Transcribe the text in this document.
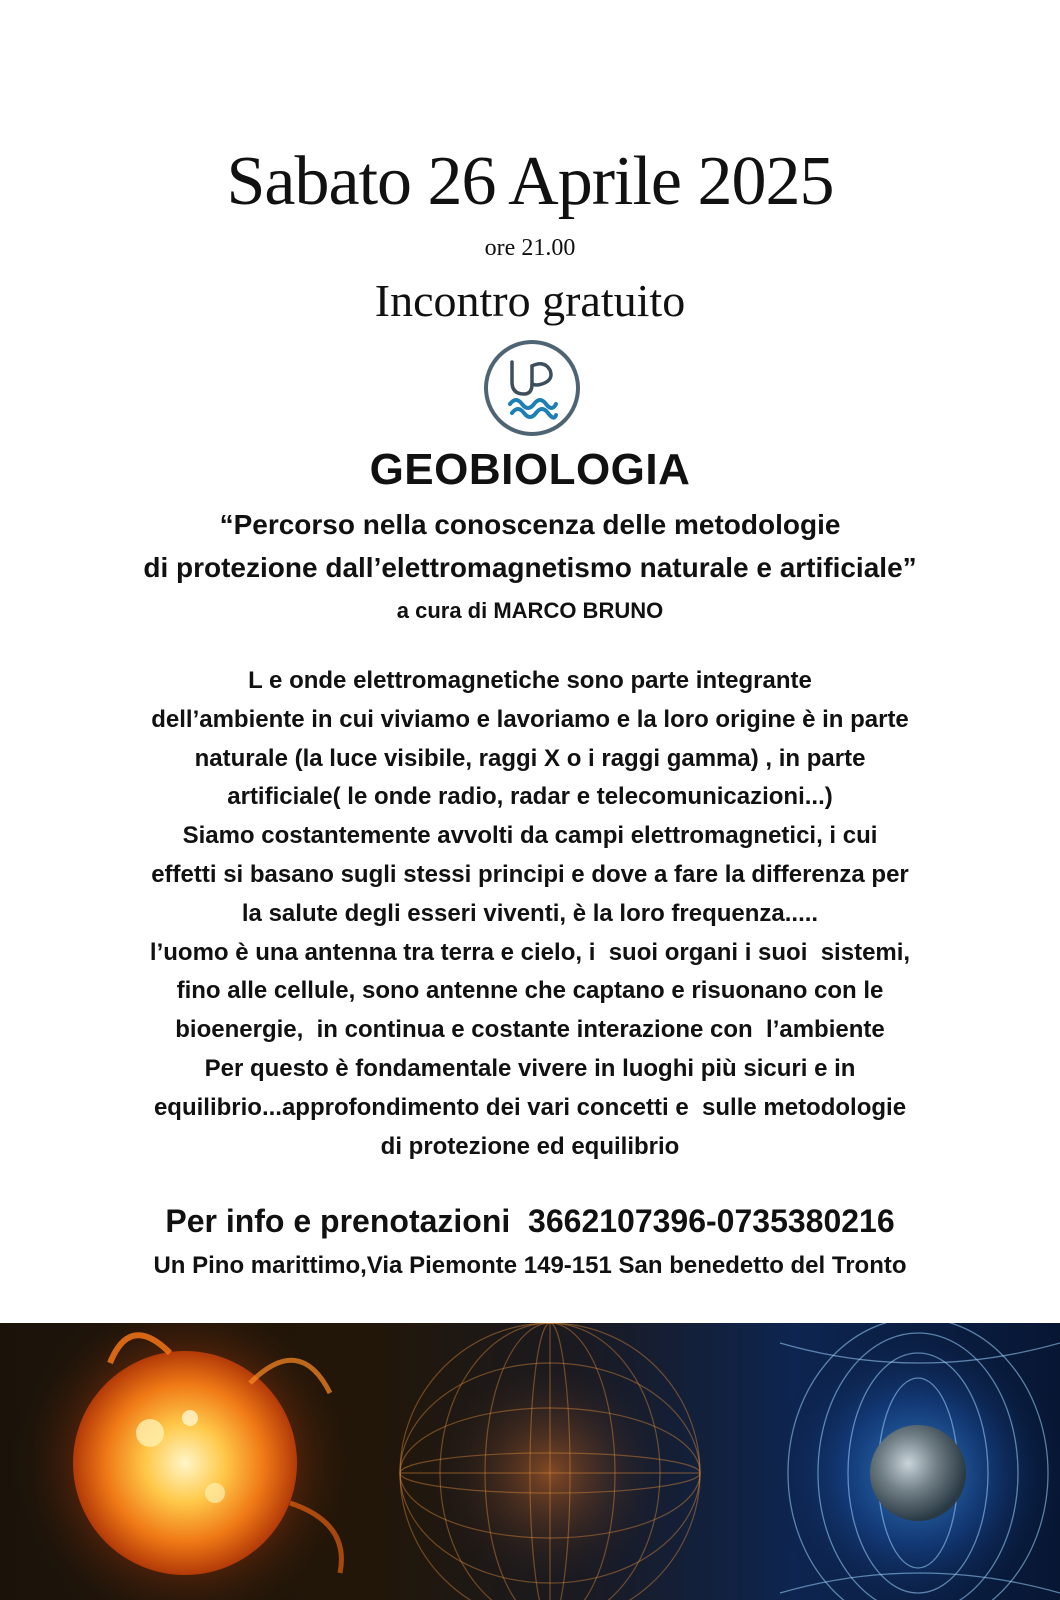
Sabato 26 Aprile 2025
ore 21.00
Incontro gratuito
GEOBIOLOGIA
“Percorso nella conoscenza delle metodologie
di protezione dall’elettromagnetismo naturale e artificiale”
a cura di MARCO BRUNO
L e onde elettromagnetiche sono parte integrante
dell’ambiente in cui viviamo e lavoriamo e la loro origine è in parte
naturale (la luce visibile, raggi X o i raggi gamma) , in parte
artificiale( le onde radio, radar e telecomunicazioni...)
Siamo costantemente avvolti da campi elettromagnetici, i cui
effetti si basano sugli stessi principi e dove a fare la differenza per
la salute degli esseri viventi, è la loro frequenza.....
l’uomo è una antenna tra terra e cielo, i  suoi organi i suoi  sistemi,
fino alle cellule, sono antenne che captano e risuonano con le
bioenergie,  in continua e costante interazione con  l’ambiente
Per questo è fondamentale vivere in luoghi più sicuri e in
equilibrio...approfondimento dei vari concetti e  sulle metodologie
di protezione ed equilibrio
Per info e prenotazioni  3662107396-0735380216
Un Pino marittimo,Via Piemonte 149-151 San benedetto del Tronto
